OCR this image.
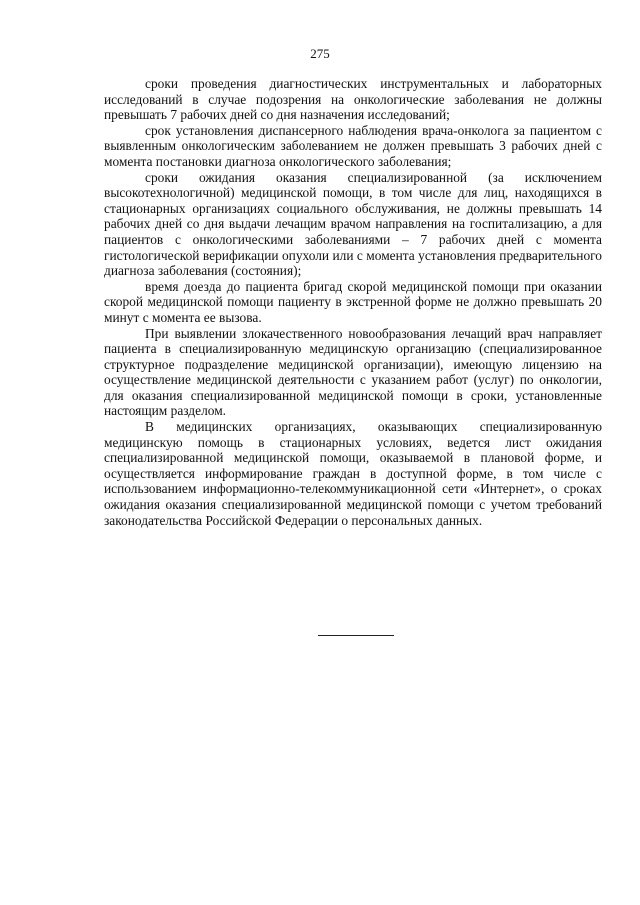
275

сроки проведения диагностических инструментальных и лабораторных исследований в случае подозрения на онкологические заболевания не должны превышать 7 рабочих дней со дня назначения исследований;

срок установления диспансерного наблюдения врача-онколога за пациентом с выявленным онкологическим заболеванием не должен превышать 3 рабочих дней с момента постановки диагноза онкологического заболевания;

сроки ожидания оказания специализированной (за исключением высокотехнологичной) медицинской помощи, в том числе для лиц, находящихся в стационарных организациях социального обслуживания, не должны превышать 14 рабочих дней со дня выдачи лечащим врачом направления на госпитализацию, а для пациентов с онкологическими заболеваниями – 7 рабочих дней с момента гистологической верификации опухоли или с момента установления предварительного диагноза заболевания (состояния);

время доезда до пациента бригад скорой медицинской помощи при оказании скорой медицинской помощи пациенту в экстренной форме не должно превышать 20 минут с момента ее вызова.

При выявлении злокачественного новообразования лечащий врач направляет пациента в специализированную медицинскую организацию (специализированное структурное подразделение медицинской организации), имеющую лицензию на осуществление медицинской деятельности с указанием работ (услуг) по онкологии, для оказания специализированной медицинской помощи в сроки, установленные настоящим разделом.

В медицинских организациях, оказывающих специализированную медицинскую помощь в стационарных условиях, ведется лист ожидания специализированной медицинской помощи, оказываемой в плановой форме, и осуществляется информирование граждан в доступной форме, в том числе с использованием информационно-телекоммуникационной сети «Интернет», о сроках ожидания оказания специализированной медицинской помощи с учетом требований законодательства Российской Федерации о персональных данных.
